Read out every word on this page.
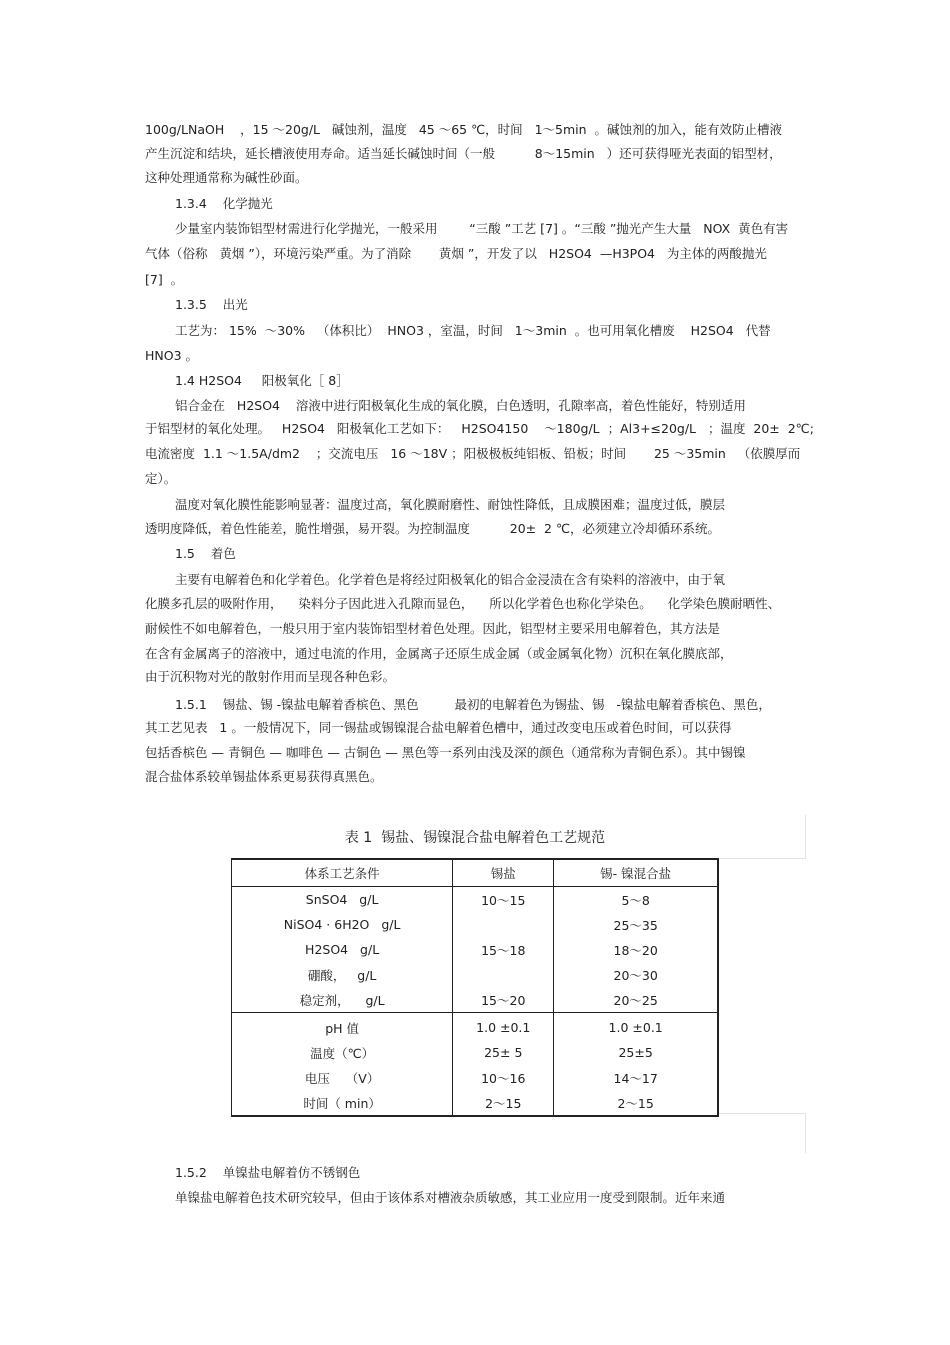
100g/LNaOH    ，15 ～20g/L   碱蚀剂，温度   45 ～65 ℃，时间   1～5min  。碱蚀剂的加入，能有效防止槽液
产生沉淀和结块，延长槽液使用寿命。适当延长碱蚀时间（一般          8～15min   ）还可获得哑光表面的铝型材，
这种处理通常称为碱性砂面。
1.3.4    化学抛光
少量室内装饰铝型材需进行化学抛光，一般采用        “三酸 ”工艺 [7] 。“三酸 ”抛光产生大量   NOX  黄色有害
气体（俗称   黄烟 ”），环境污染严重。为了消除       黄烟 ”，开发了以   H2SO4  —H3PO4   为主体的两酸抛光
[7]  。
1.3.5    出光
工艺为： 15%  ～30%   （体积比）  HNO3 ，室温，时间   1～3min  。也可用氧化槽废    H2SO4   代替
HNO3 。
1.4 H2SO4     阳极氧化［ 8］
铝合金在   H2SO4    溶液中进行阳极氧化生成的氧化膜，白色透明，孔隙率高，着色性能好，特别适用
于铝型材的氧化处理。   H2SO4   阳极氧化工艺如下：   H2SO4150    ～180g/L  ；Al3+≤20g/L   ；温度  20±  2℃;
电流密度  1.1 ～1.5A/dm2    ；交流电压   16 ～18V ；阳极极板纯铝板、铅板；时间       25 ～35min   （依膜厚而
定）。
温度对氧化膜性能影响显著：温度过高，氧化膜耐磨性、耐蚀性降低，且成膜困难；温度过低，膜层
透明度降低，着色性能差，脆性增强，易开裂。为控制温度          20±  2 ℃，必须建立冷却循环系统。
1.5    着色
主要有电解着色和化学着色。化学着色是将经过阳极氧化的铝合金浸渍在含有染料的溶液中，由于氧
化膜多孔层的吸附作用，    染料分子因此进入孔隙而显色，    所以化学着色也称化学染色。    化学染色膜耐晒性、
耐候性不如电解着色，一般只用于室内装饰铝型材着色处理。因此，铝型材主要采用电解着色，其方法是
在含有金属离子的溶液中，通过电流的作用，金属离子还原生成金属（或金属氧化物）沉积在氧化膜底部，
由于沉积物对光的散射作用而呈现各种色彩。
1.5.1    锡盐、锡 -镍盐电解着香槟色、黑色         最初的电解着色为锡盐、锡   -镍盐电解着香槟色、黑色，
其工艺见表   1 。一般情况下，同一锡盐或锡镍混合盐电解着色槽中，通过改变电压或着色时间，可以获得
包括香槟色 — 青铜色 — 咖啡色 — 古铜色 — 黑色等一系列由浅及深的颜色（通常称为青铜色系）。其中锡镍
混合盐体系较单锡盐体系更易获得真黑色。
表 1  锡盐、锡镍混合盐电解着色工艺规范
体系工艺条件	锡盐	锡- 镍混合盐
SnSO4   g/L	10～15	5～8
NiSO4 · 6H2O   g/L		25～35
H2SO4   g/L	15～18	18～20
硼酸，   g/L		20～30
稳定剂，    g/L	15～20	20～25
pH 值	1.0 ±0.1	1.0 ±0.1
温度（℃）	25± 5	25±5
电压    （V）	10～16	14～17
时间（ min）	2～15	2～15
1.5.2    单镍盐电解着仿不锈钢色
单镍盐电解着色技术研究较早，但由于该体系对槽液杂质敏感，其工业应用一度受到限制。近年来通
